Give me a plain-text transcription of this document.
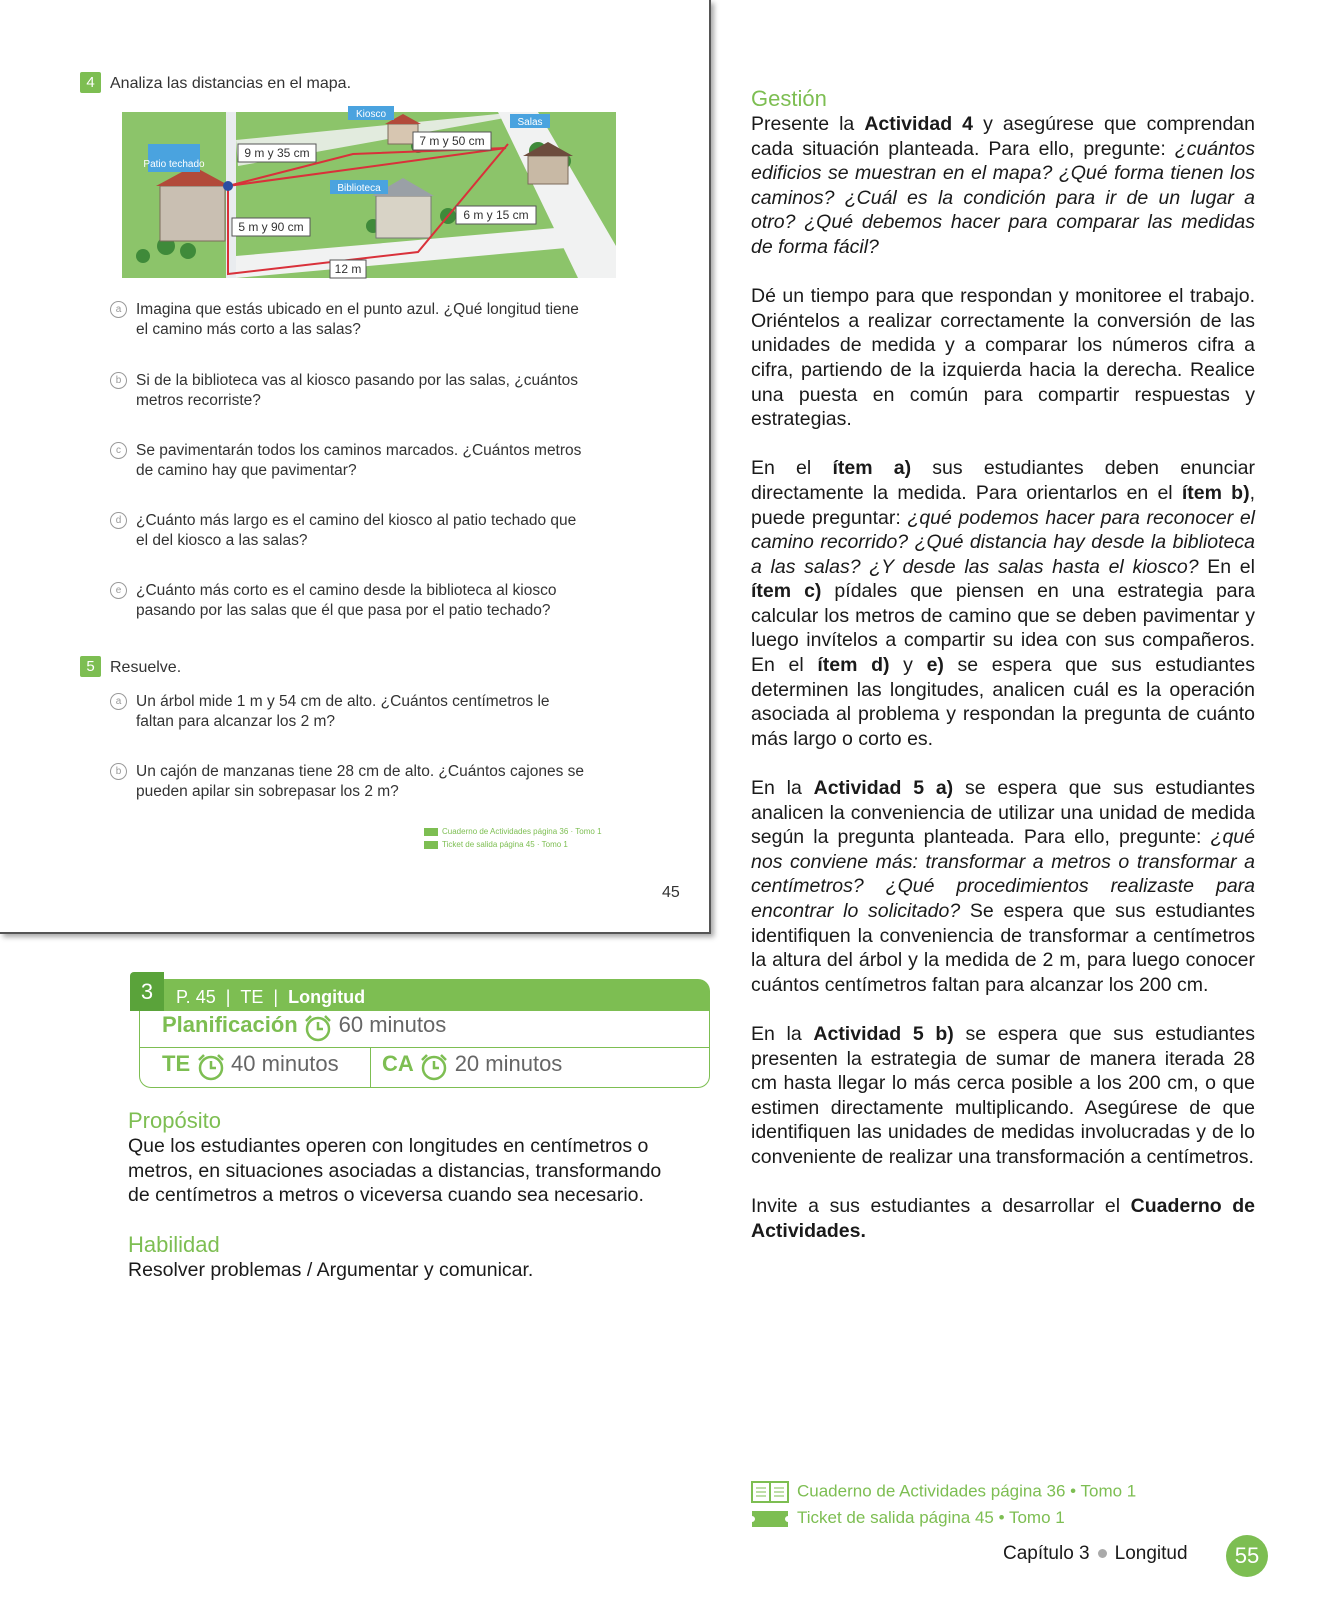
4 Analiza las distancias en el mapa.
Kiosco
Salas
Patio techado
Biblioteca
9 m y 35 cm
7 m y 50 cm
5 m y 90 cm
6 m y 15 cm
12 m
a Imagina que estás ubicado en el punto azul. ¿Qué longitud tiene
el camino más corto a las salas?
b Si de la biblioteca vas al kiosco pasando por las salas, ¿cuántos
metros recorriste?
c Se pavimentarán todos los caminos marcados. ¿Cuántos metros
de camino hay que pavimentar?
d ¿Cuánto más largo es el camino del kiosco al patio techado que
el del kiosco a las salas?
e ¿Cuánto más corto es el camino desde la biblioteca al kiosco
pasando por las salas que él que pasa por el patio techado?
5 Resuelve.
a Un árbol mide 1 m y 54 cm de alto. ¿Cuántos centímetros le
faltan para alcanzar los 2 m?
b Un cajón de manzanas tiene 28 cm de alto. ¿Cuántos cajones se
pueden apilar sin sobrepasar los 2 m?
Cuaderno de Actividades página 36 · Tomo 1
Ticket de salida página 45 · Tomo 1
45
3	P. 45  |  TE  |  Longitud
Planificación 60 minutos
TE 40 minutos CA 20 minutos
Propósito
Que los estudiantes operen con longitudes en centímetros o
metros, en situaciones asociadas a distancias, transformando
de centímetros a metros o viceversa cuando sea necesario.
Habilidad
Resolver problemas / Argumentar y comunicar.

Gestión

Presente la Actividad 4 y asegúrese que comprendan cada situación planteada. Para ello, pregunte: ¿cuántos edificios se muestran en el mapa? ¿Qué forma tienen los caminos? ¿Cuál es la condición para ir de un lugar a otro? ¿Qué debemos hacer para comparar las medidas de forma fácil?

Dé un tiempo para que respondan y monitoree el trabajo. Oriéntelos a realizar correctamente la conversión de las unidades de medida y a comparar los números cifra a cifra, partiendo de la izquierda hacia la derecha. Realice una puesta en común para compartir respuestas y estrategias.

En el ítem a) sus estudiantes deben enunciar directamente la medida. Para orientarlos en el ítem b), puede preguntar: ¿qué podemos hacer para reconocer el camino recorrido? ¿Qué distancia hay desde la biblioteca a las salas? ¿Y desde las salas hasta el kiosco? En el ítem c) pídales que piensen en una estrategia para calcular los metros de camino que se deben pavimentar y luego invítelos a compartir su idea con sus compañeros. En el ítem d) y e) se espera que sus estudiantes determinen las longitudes, analicen cuál es la operación asociada al problema y respondan la pregunta de cuánto más largo o corto es.

En la Actividad 5 a) se espera que sus estudiantes analicen la conveniencia de utilizar una unidad de medida según la pregunta planteada. Para ello, pregunte: ¿qué nos conviene más: transformar a metros o transformar a centímetros? ¿Qué procedimientos realizaste para encontrar lo solicitado? Se espera que sus estudiantes identifiquen la conveniencia de transformar a centímetros la altura del árbol y la medida de 2 m, para luego conocer cuántos centímetros faltan para alcanzar los 200 cm.

En la Actividad 5 b) se espera que sus estudiantes presenten la estrategia de sumar de manera iterada 28 cm hasta llegar lo más cerca posible a los 200 cm, o que estimen directamente multiplicando. Asegúrese de que identifiquen las unidades de medidas involucradas y de lo conveniente de realizar una transformación a centímetros.

Invite a sus estudiantes a desarrollar el Cuaderno de Actividades.

Cuaderno de Actividades página 36 • Tomo 1
Ticket de salida página 45 • Tomo 1
Capítulo 3 Longitud	55
